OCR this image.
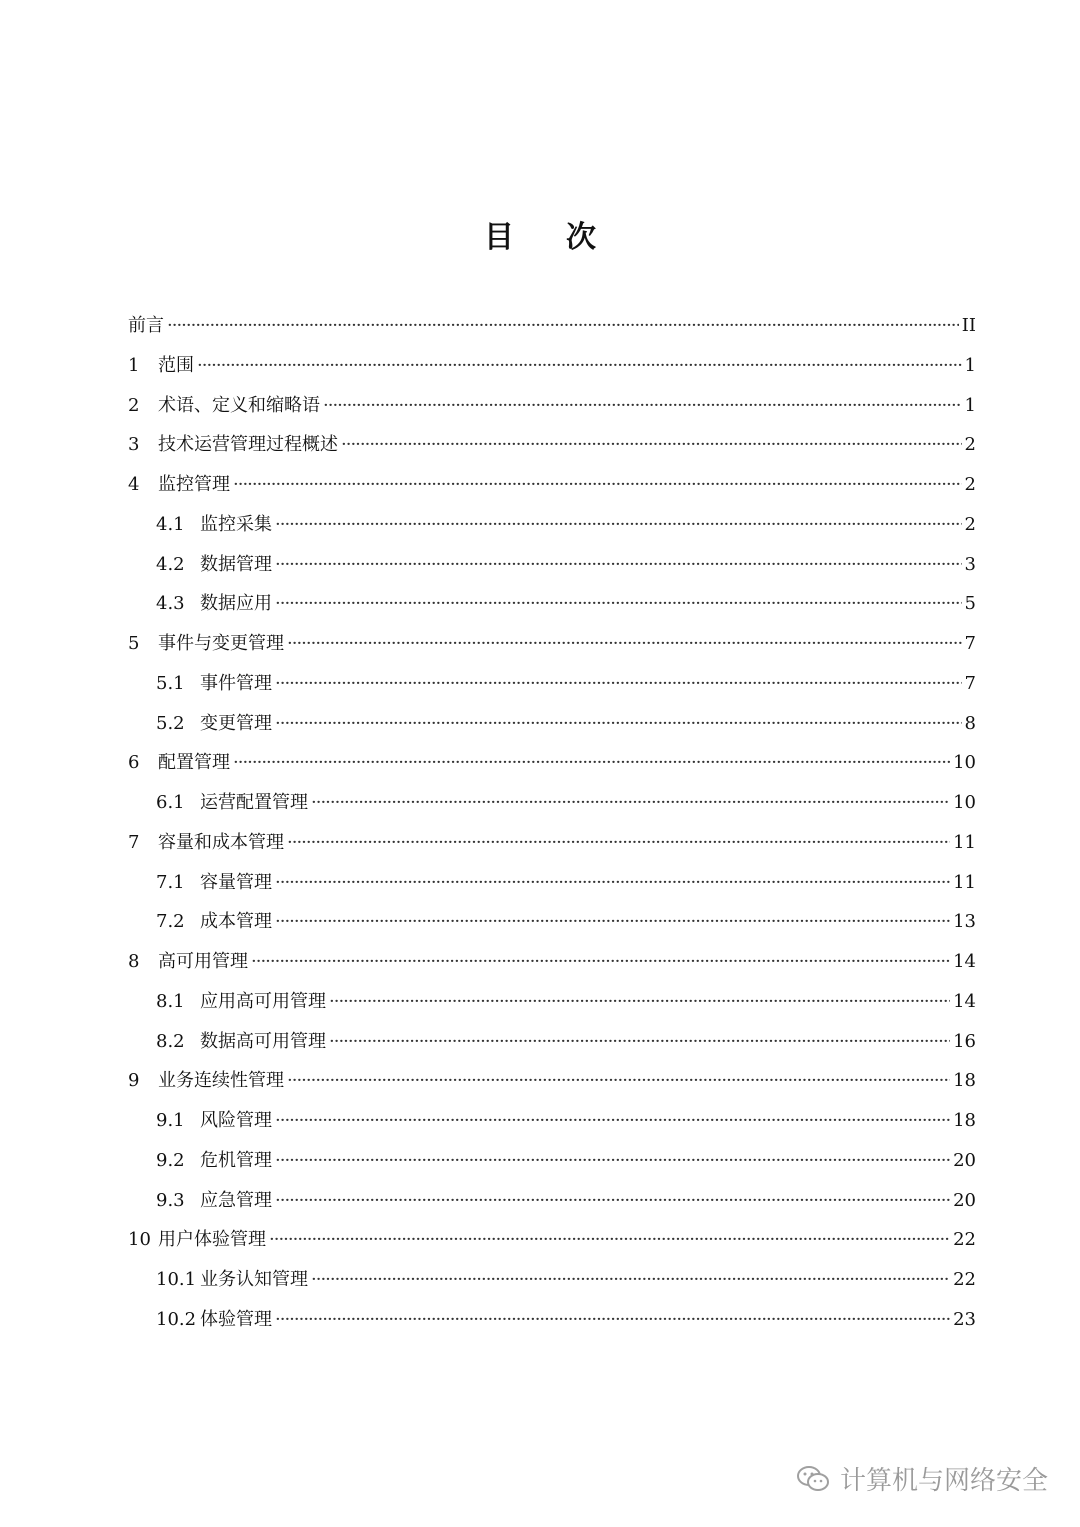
目次
前言 ·····	II
1	范围 ·····	1
2	术语、定义和缩略语 ·····	1
3	技术运营管理过程概述 ·····	2
4	监控管理 ·····	2
4.1 监控采集 ·····	2
4.2 数据管理 ·····	3
4.3 数据应用 ·····	5
5	事件与变更管理 ·····	7
5.1 事件管理 ·····	7
5.2 变更管理 ·····	8
6	配置管理 ·····	10
6.1 运营配置管理 ·····	10
7	容量和成本管理 ·····	11
7.1 容量管理 ·····	11
7.2 成本管理 ·····	13
8	高可用管理 ·····	14
8.1 应用高可用管理 ·····	14
8.2 数据高可用管理 ·····	16
9	业务连续性管理 ·····	18
9.1 风险管理 ·····	18
9.2 危机管理 ·····	20
9.3 应急管理 ·····	20
10 用户体验管理 ·····	22
10.1 业务认知管理 ·····	22
10.2 体验管理 ·····	23
计算机与网络安全
